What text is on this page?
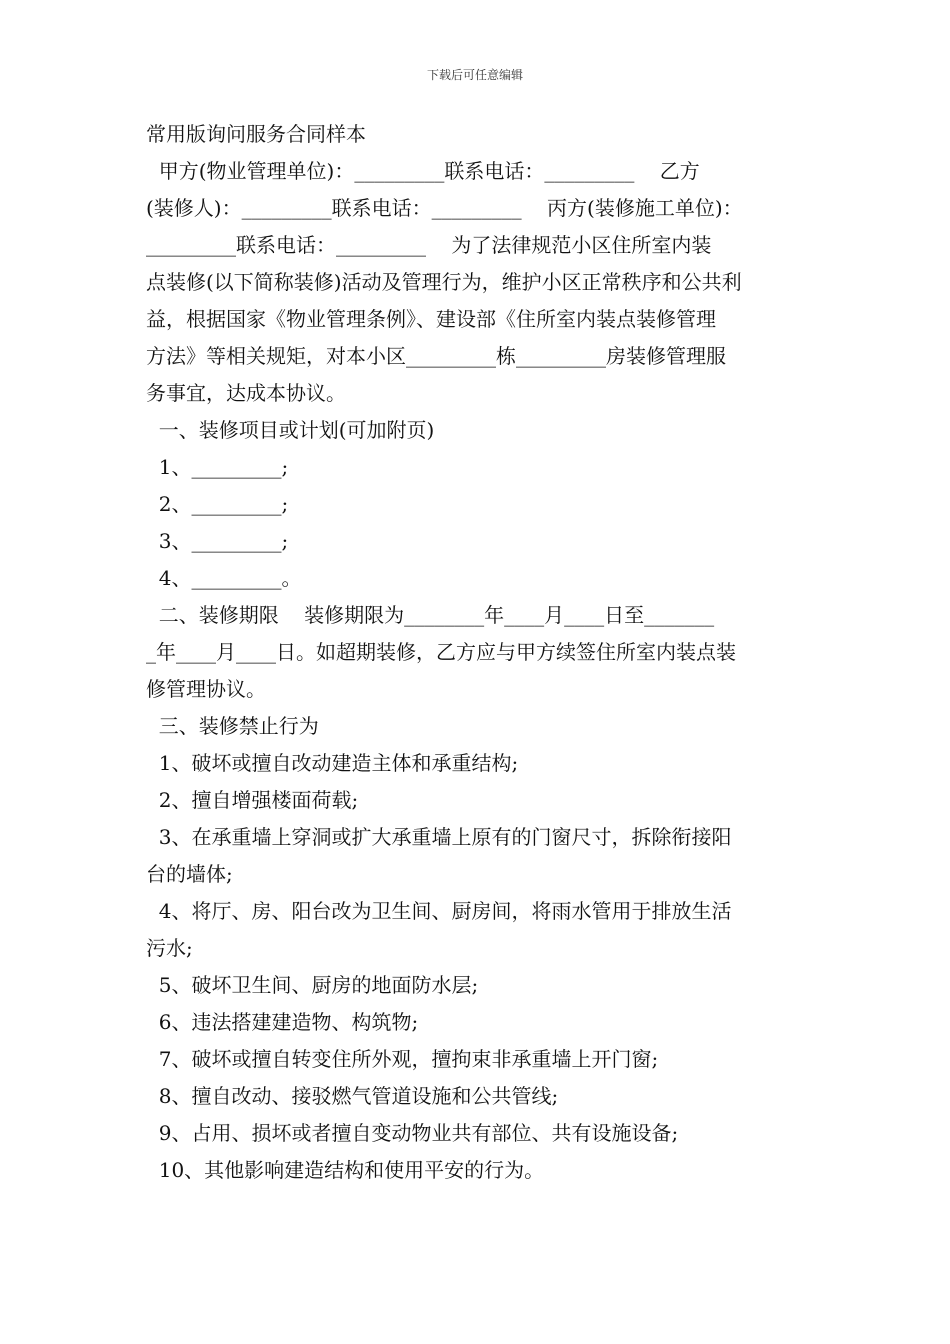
下载后可任意编辑
常用版询问服务合同样本
甲方(物业管理单位)：_________联系电话：_________    乙方
(装修人)：_________联系电话：_________    丙方(装修施工单位)：
_________联系电话：_________    为了法律规范小区住所室内装
点装修(以下简称装修)活动及管理行为，维护小区正常秩序和公共利
益，根据国家《物业管理条例》、建设部《住所室内装点装修管理
方法》等相关规矩，对本小区_________栋_________房装修管理服
务事宜，达成本协议。
一、装修项目或计划(可加附页)
1、_________;
2、_________;
3、_________;
4、_________。
二、装修期限    装修期限为________年____月____日至_______
_年____月____日。如超期装修，乙方应与甲方续签住所室内装点装
修管理协议。
三、装修禁止行为
1、破坏或擅自改动建造主体和承重结构;
2、擅自增强楼面荷载;
3、在承重墙上穿洞或扩大承重墙上原有的门窗尺寸，拆除衔接阳
台的墙体;
4、将厅、房、阳台改为卫生间、厨房间，将雨水管用于排放生活
污水;
5、破坏卫生间、厨房的地面防水层;
6、违法搭建建造物、构筑物;
7、破坏或擅自转变住所外观，擅拘束非承重墙上开门窗;
8、擅自改动、接驳燃气管道设施和公共管线;
9、占用、损坏或者擅自变动物业共有部位、共有设施设备;
10、其他影响建造结构和使用平安的行为。
